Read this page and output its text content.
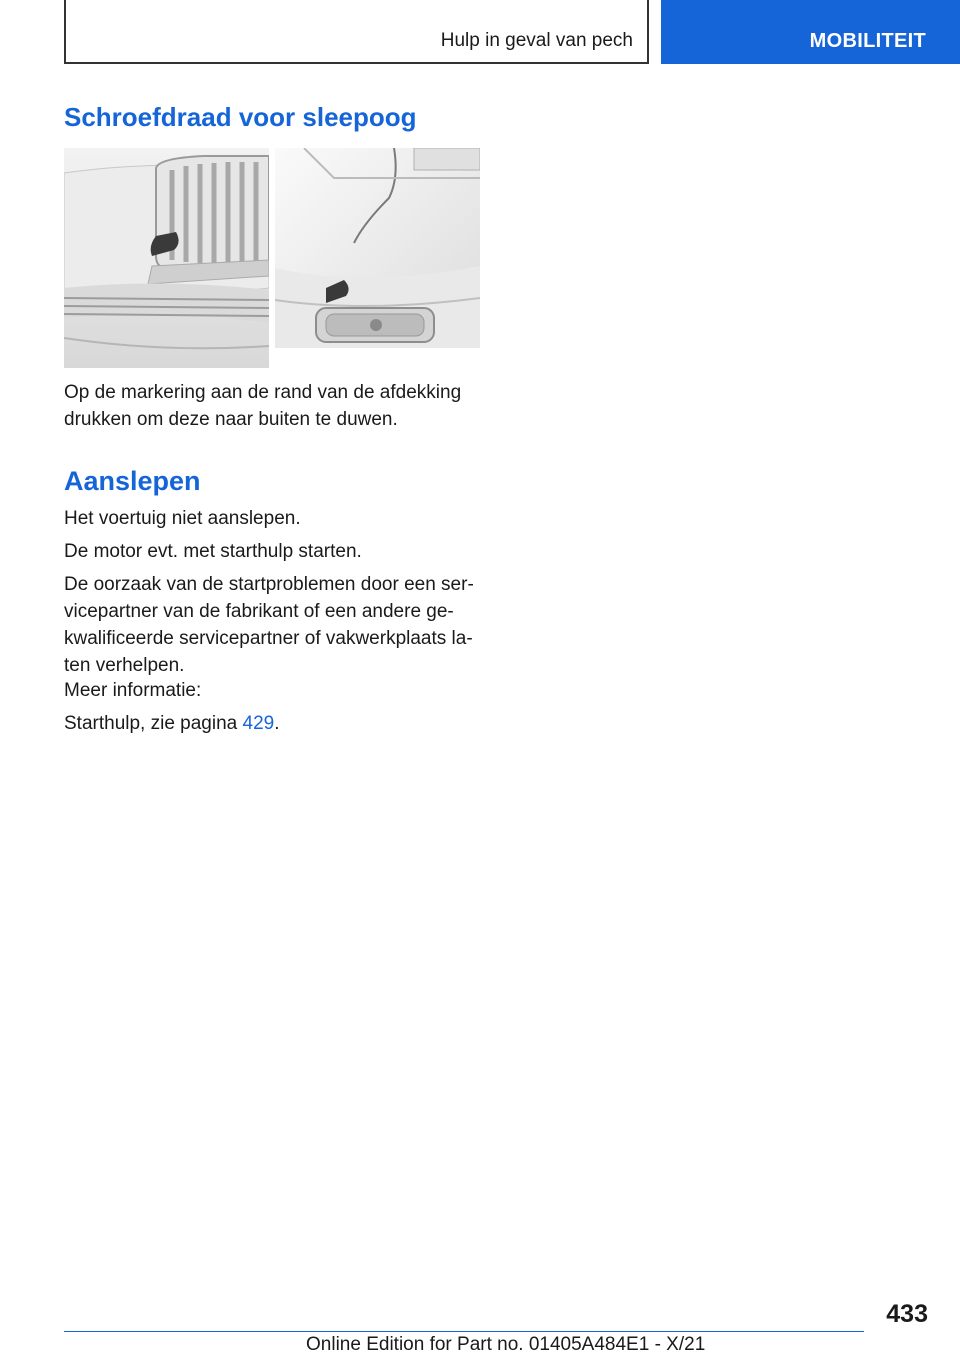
Hulp in geval van pech	MOBILITEIT
Schroefdraad voor sleepoog

Op de markering aan de rand van de afdekking drukken om deze naar buiten te duwen.

Aanslepen

Het voertuig niet aanslepen.

De motor evt. met starthulp starten.

De oorzaak van de startproblemen door een ser-vicepartner van de fabrikant of een andere ge-kwalificeerde servicepartner of vakwerkplaats la-ten verhelpen.

Meer informatie:

Starthulp, zie pagina 429.

433
Online Edition for Part no. 01405A484E1 - X/21
